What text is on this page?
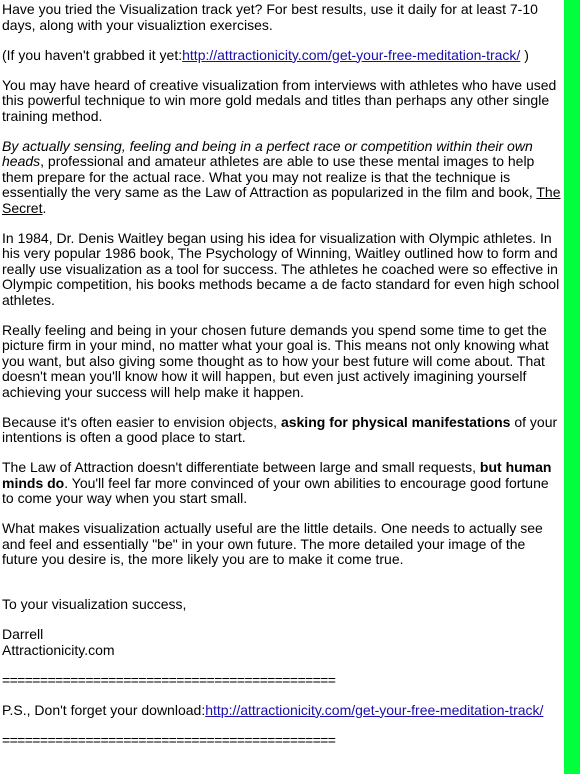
Have you tried the Visualization track yet? For best results, use it daily for at least 7-10 days, along with your visualiztion exercises.

(If you haven't grabbed it yet:http://attractionicity.com/get-your-free-meditation-track/ )

You may have heard of creative visualization from interviews with athletes who have used this powerful technique to win more gold medals and titles than perhaps any other single training method.

By actually sensing, feeling and being in a perfect race or competition within their own heads, professional and amateur athletes are able to use these mental images to help them prepare for the actual race. What you may not realize is that the technique is essentially the very same as the Law of Attraction as popularized in the film and book, The Secret.

In 1984, Dr. Denis Waitley began using his idea for visualization with Olympic athletes. In his very popular 1986 book, The Psychology of Winning, Waitley outlined how to form and really use visualization as a tool for success. The athletes he coached were so effective in Olympic competition, his books methods became a de facto standard for even high school athletes.

Really feeling and being in your chosen future demands you spend some time to get the picture firm in your mind, no matter what your goal is. This means not only knowing what you want, but also giving some thought as to how your best future will come about. That doesn't mean you'll know how it will happen, but even just actively imagining yourself achieving your success will help make it happen.

Because it's often easier to envision objects, asking for physical manifestations of your intentions is often a good place to start.

The Law of Attraction doesn't differentiate between large and small requests, but human minds do. You'll feel far more convinced of your own abilities to encourage good fortune to come your way when you start small.

What makes visualization actually useful are the little details. One needs to actually see and feel and essentially "be" in your own future. The more detailed your image of the future you desire is, the more likely you are to make it come true.

To your visualization success,

Darrell
Attractionicity.com

============================================

P.S., Don't forget your download:http://attractionicity.com/get-your-free-meditation-track/

============================================
